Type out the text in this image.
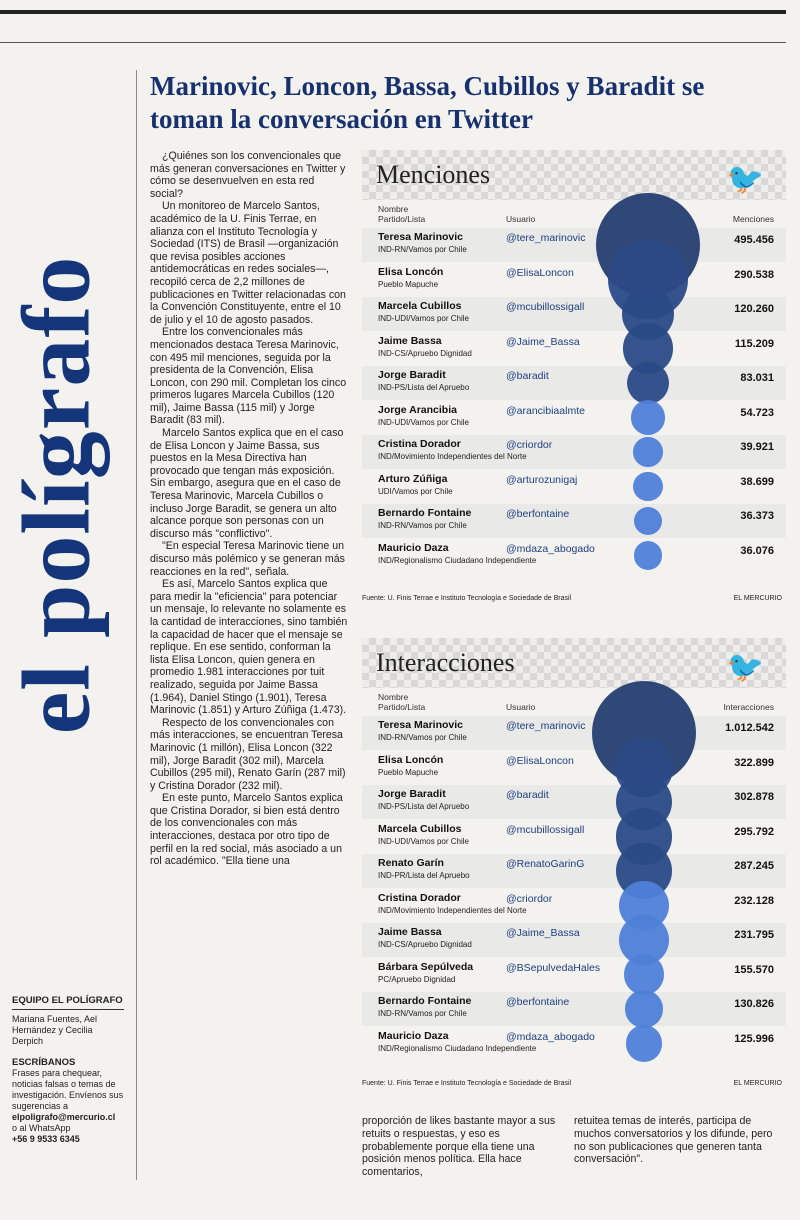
el polígrafo
Marinovic, Loncon, Bassa, Cubillos y Baradit se toman la conversación en Twitter

¿Quiénes son los convencionales que más generan conversaciones en Twitter y cómo se desenvuelven en esta red social?

Un monitoreo de Marcelo Santos, académico de la U. Finis Terrae, en alianza con el Instituto Tecnología y Sociedad (ITS) de Brasil —organización que revisa posibles acciones antidemocráticas en redes sociales—, recopiló cerca de 2,2 millones de publicaciones en Twitter relacionadas con la Convención Constituyente, entre el 10 de julio y el 10 de agosto pasados.

Entre los convencionales más mencionados destaca Teresa Marinovic, con 495 mil menciones, seguida por la presidenta de la Convención, Elisa Loncon, con 290 mil. Completan los cinco primeros lugares Marcela Cubillos (120 mil), Jaime Bassa (115 mil) y Jorge Baradit (83 mil).

Marcelo Santos explica que en el caso de Elisa Loncon y Jaime Bassa, sus puestos en la Mesa Directiva han provocado que tengan más exposición. Sin embargo, asegura que en el caso de Teresa Marinovic, Marcela Cubillos o incluso Jorge Baradit, se genera un alto alcance porque son personas con un discurso más "conflictivo".

"En especial Teresa Marinovic tiene un discurso más polémico y se generan más reacciones en la red", señala.

Es así, Marcelo Santos explica que para medir la "eficiencia" para potenciar un mensaje, lo relevante no solamente es la cantidad de interacciones, sino también la capacidad de hacer que el mensaje se replique. En ese sentido, conforman la lista Elisa Loncon, quien genera en promedio 1.981 interacciones por tuit realizado, seguida por Jaime Bassa (1.964), Daniel Stingo (1.901), Teresa Marinovic (1.851) y Arturo Zúñiga (1.473).

Respecto de los convencionales con más interacciones, se encuentran Teresa Marinovic (1 millón), Elisa Loncon (322 mil), Jorge Baradit (302 mil), Marcela Cubillos (295 mil), Renato Garín (287 mil) y Cristina Dorador (232 mil).

En este punto, Marcelo Santos explica que Cristina Dorador, si bien está dentro de los convencionales con más interacciones, destaca por otro tipo de perfil en la red social, más asociado a un rol académico. "Ella tiene una

proporción de likes bastante mayor a sus retuits o respuestas, y eso es probablemente porque ella tiene una posición menos política. Ella hace comentarios,
retuitea temas de interés, participa de muchos conversatorios y los difunde, pero no son publicaciones que generen tanta conversación".
EQUIPO EL POLÍGRAFO
Mariana Fuentes, Ael Hernández y Cecilia Derpich
ESCRÍBANOS
Frases para chequear, noticias falsas o temas de investigación. Envíenos sus sugerencias a
elpoligrafo@mercurio.cl
o al WhatsApp
+56 9 9533 6345
Menciones	🐦
Nombre
Partido/Lista	Usuario	Menciones
Teresa Marinovic
IND-RN/Vamos por Chile
@tere_marinovic	495.456
Elisa Loncón
Pueblo Mapuche
@ElisaLoncon	290.538
Marcela Cubillos
IND-UDI/Vamos por Chile
@mcubillossigall	120.260
Jaime Bassa
IND-CS/Apruebo Dignidad
@Jaime_Bassa	115.209
Jorge Baradit
IND-PS/Lista del Apruebo
@baradit	83.031
Jorge Arancibia
IND-UDI/Vamos por Chile
@arancibiaalmte	54.723
Cristina Dorador
IND/Movimiento Independientes del Norte
@criordor	39.921
Arturo Zúñiga
UDI/Vamos por Chile
@arturozunigaj	38.699
Bernardo Fontaine
IND-RN/Vamos por Chile
@berfontaine	36.373
Mauricio Daza
IND/Regionalismo Ciudadano Independiente
@mdaza_abogado	36.076
Fuente: U. Finis Terrae e Instituto Tecnología e Sociedade de Brasil	EL MERCURIO
Interacciones	🐦
Nombre
Partido/Lista	Usuario	Interacciones
Teresa Marinovic
IND-RN/Vamos por Chile
@tere_marinovic	1.012.542
Elisa Loncón
Pueblo Mapuche
@ElisaLoncon	322.899
Jorge Baradit
IND-PS/Lista del Apruebo
@baradit	302.878
Marcela Cubillos
IND-UDI/Vamos por Chile
@mcubillossigall	295.792
Renato Garín
IND-PR/Lista del Apruebo
@RenatoGarinG	287.245
Cristina Dorador
IND/Movimiento Independientes del Norte
@criordor	232.128
Jaime Bassa
IND-CS/Apruebo Dignidad
@Jaime_Bassa	231.795
Bárbara Sepúlveda
PC/Apruebo Dignidad
@BSepulvedaHales	155.570
Bernardo Fontaine
IND-RN/Vamos por Chile
@berfontaine	130.826
Mauricio Daza
IND/Regionalismo Ciudadano Independiente
@mdaza_abogado	125.996
Fuente: U. Finis Terrae e Instituto Tecnología e Sociedade de Brasil	EL MERCURIO
